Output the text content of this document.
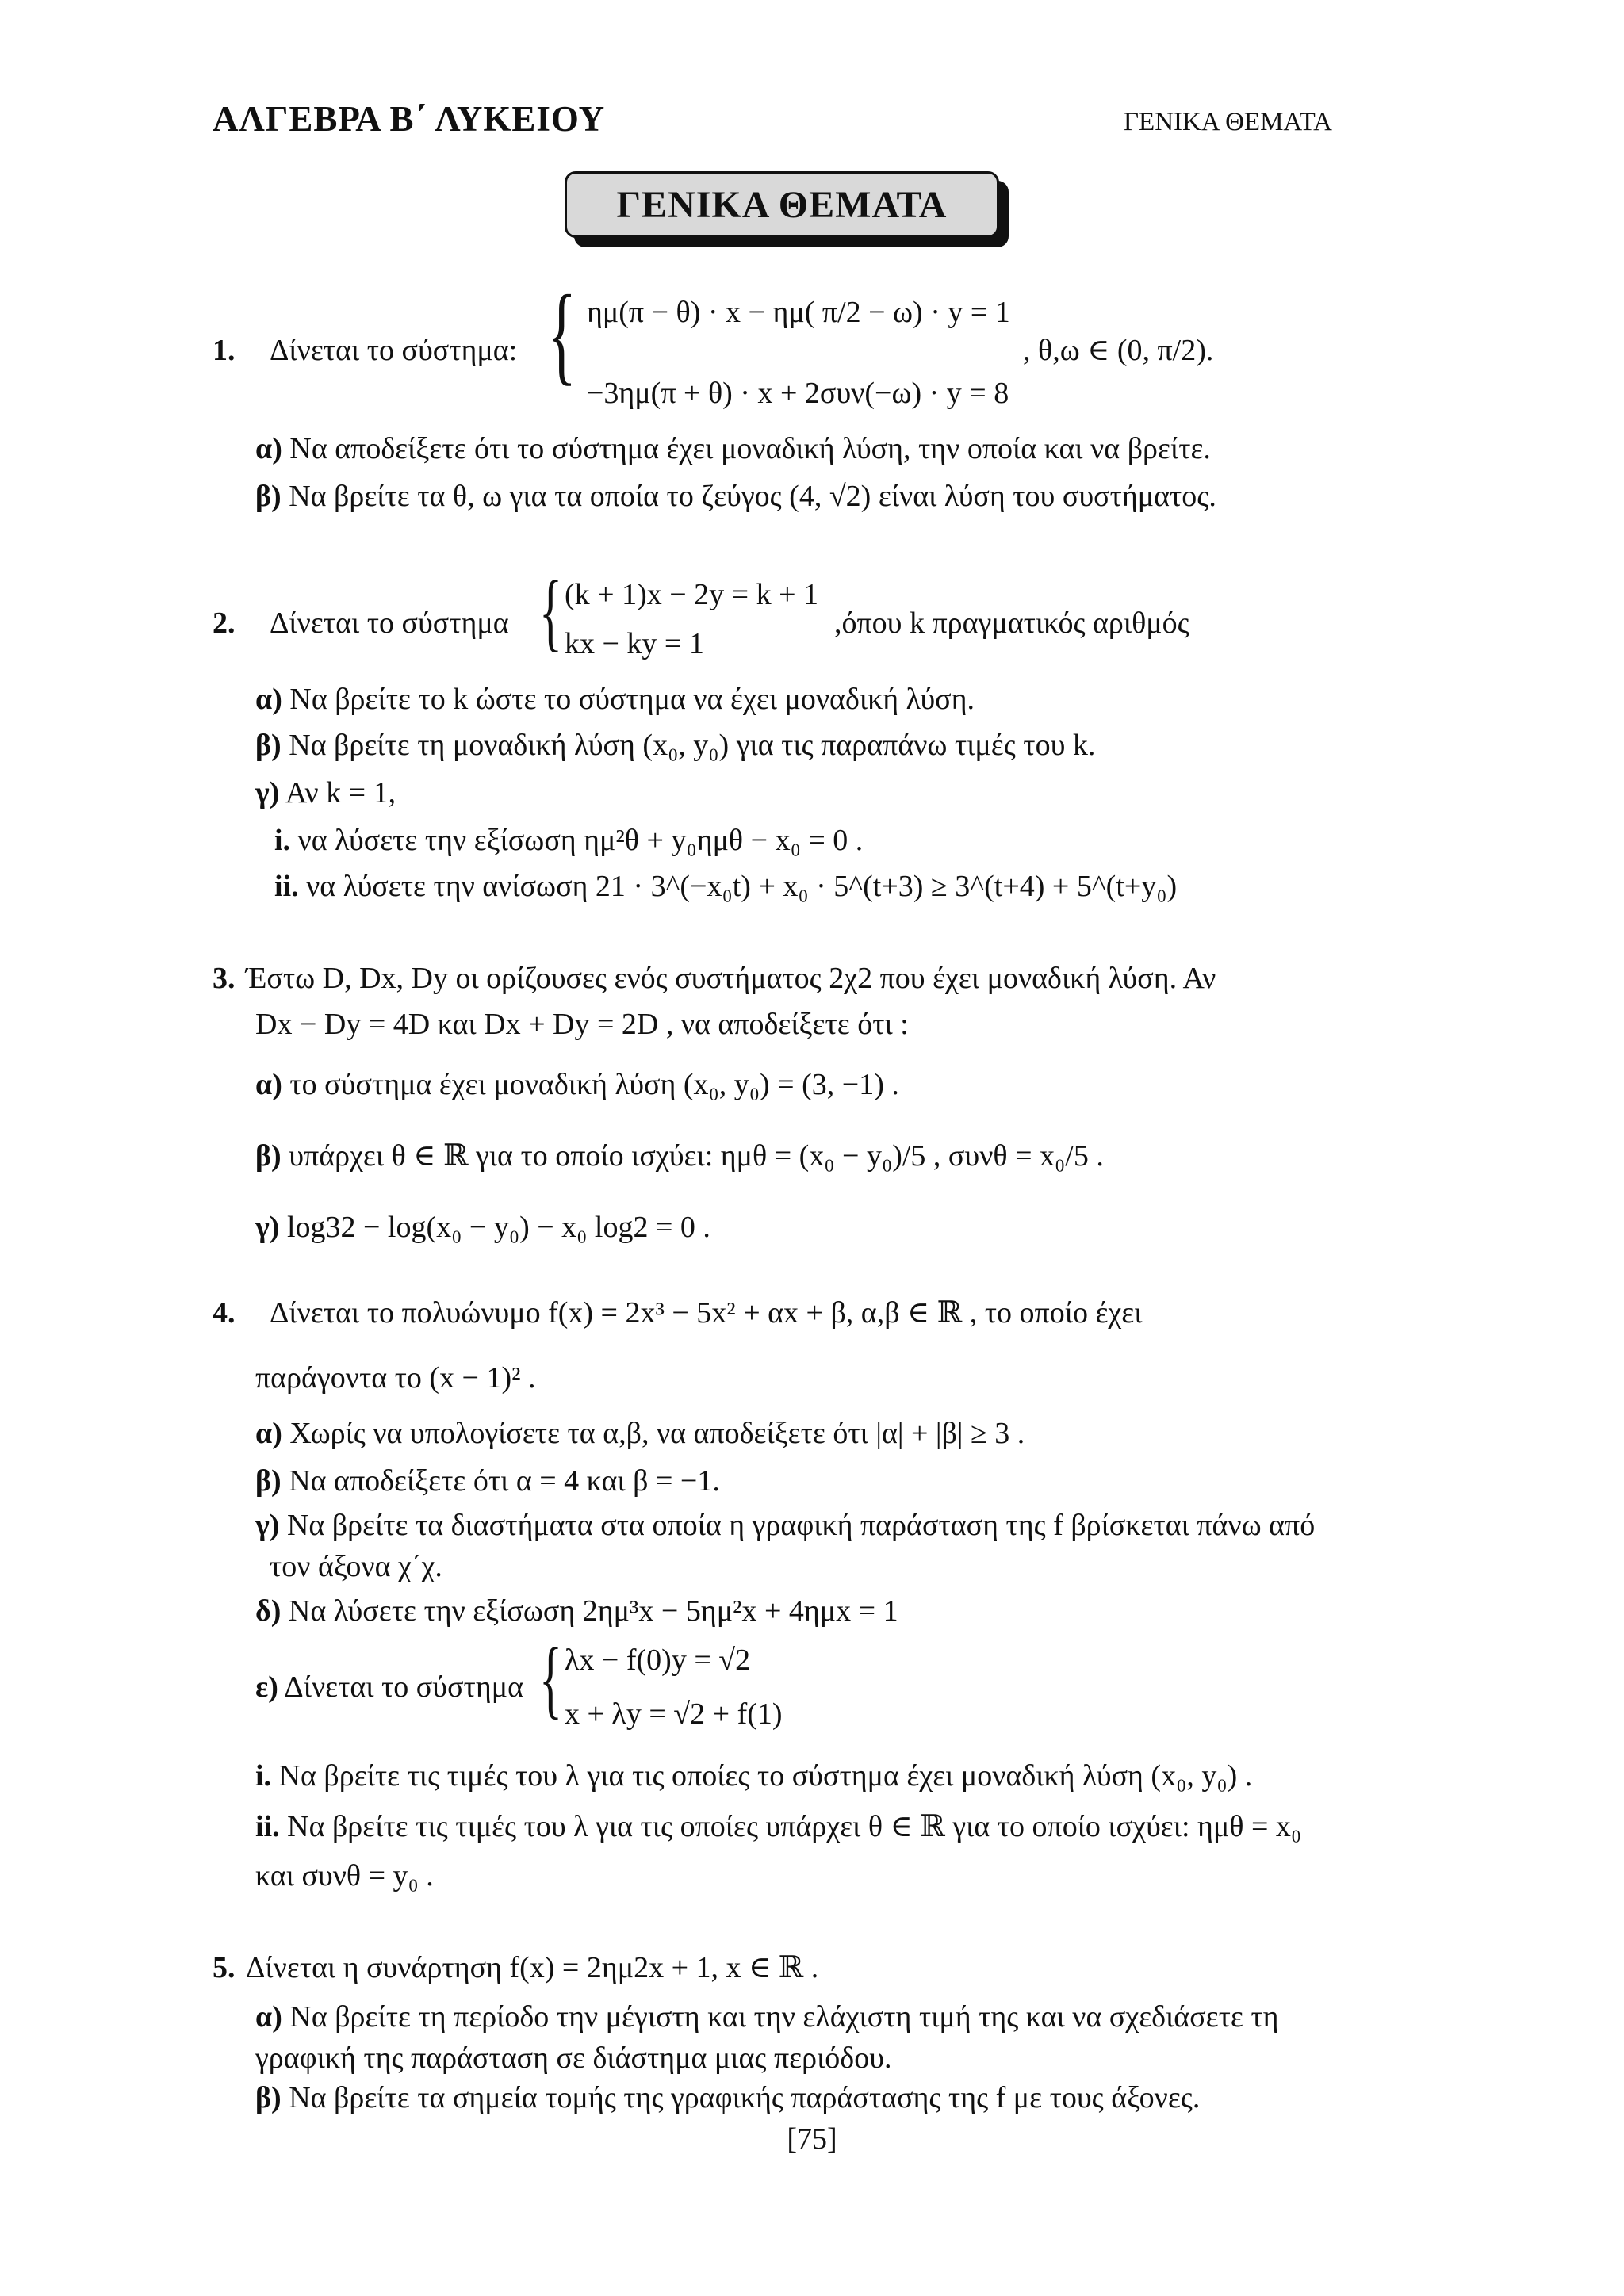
ΑΛΓΕΒΡΑ Β΄ ΛΥΚΕΙΟΥ	ΓΕΝΙΚΑ ΘΕΜΑΤΑ
ΓΕΝΙΚΑ ΘΕΜΑΤΑ
1. Δίνεται το σύστημα: { ημ(π − θ) · x − ημ( π/2 − ω) · y = 1
−3ημ(π + θ) · x + 2συν(−ω) · y = 8
, θ,ω ∈ (0, π/2).
α) Να αποδείξετε ότι το σύστημα έχει μοναδική λύση, την οποία και να βρείτε.
β) Να βρείτε τα θ, ω για τα οποία το ζεύγος (4, √2) είναι λύση του συστήματος.
2. Δίνεται το σύστημα { (k + 1)x − 2y = k + 1
kx − ky = 1
,όπου k πραγματικός αριθμός
α) Να βρείτε το k ώστε το σύστημα να έχει μοναδική λύση.
β) Να βρείτε τη μοναδική λύση (x₀, y₀) για τις παραπάνω τιμές του k.
γ) Αν k = 1,
i. να λύσετε την εξίσωση ημ²θ + y₀ημθ − x₀ = 0 .
ii. να λύσετε την ανίσωση 21 · 3^(−x₀t) + x₀ · 5^(t+3) ≥ 3^(t+4) + 5^(t+y₀)
3. Έστω D, Dx, Dy οι ορίζουσες ενός συστήματος 2χ2 που έχει μοναδική λύση. Αν
Dx − Dy = 4D και Dx + Dy = 2D , να αποδείξετε ότι :
α) το σύστημα έχει μοναδική λύση (x₀, y₀) = (3, −1) .
β) υπάρχει θ ∈ ℝ για το οποίο ισχύει: ημθ = (x₀ − y₀)/5 , συνθ = x₀/5 .
γ) log32 − log(x₀ − y₀) − x₀ log2 = 0 .
4. Δίνεται το πολυώνυμο f(x) = 2x³ − 5x² + αx + β, α,β ∈ ℝ , το οποίο έχει
παράγοντα το (x − 1)² .
α) Χωρίς να υπολογίσετε τα α,β, να αποδείξετε ότι |α| + |β| ≥ 3 .
β) Να αποδείξετε ότι α = 4 και β = −1.
γ) Να βρείτε τα διαστήματα στα οποία η γραφική παράσταση της f βρίσκεται πάνω από
τον άξονα χ΄χ.
δ) Να λύσετε την εξίσωση 2ημ³x − 5ημ²x + 4ημx = 1
ε) Δίνεται το σύστημα { λx − f(0)y = √2
x + λy = √2 + f(1)
i. Να βρείτε τις τιμές του λ για τις οποίες το σύστημα έχει μοναδική λύση (x₀, y₀) .
ii. Να βρείτε τις τιμές του λ για τις οποίες υπάρχει θ ∈ ℝ για το οποίο ισχύει: ημθ = x₀
και συνθ = y₀ .
5. Δίνεται η συνάρτηση f(x) = 2ημ2x + 1, x ∈ ℝ .
α) Να βρείτε τη περίοδο την μέγιστη και την ελάχιστη τιμή της και να σχεδιάσετε τη
γραφική της παράσταση σε διάστημα μιας περιόδου.
β) Να βρείτε τα σημεία τομής της γραφικής παράστασης της f με τους άξονες.
[75]
